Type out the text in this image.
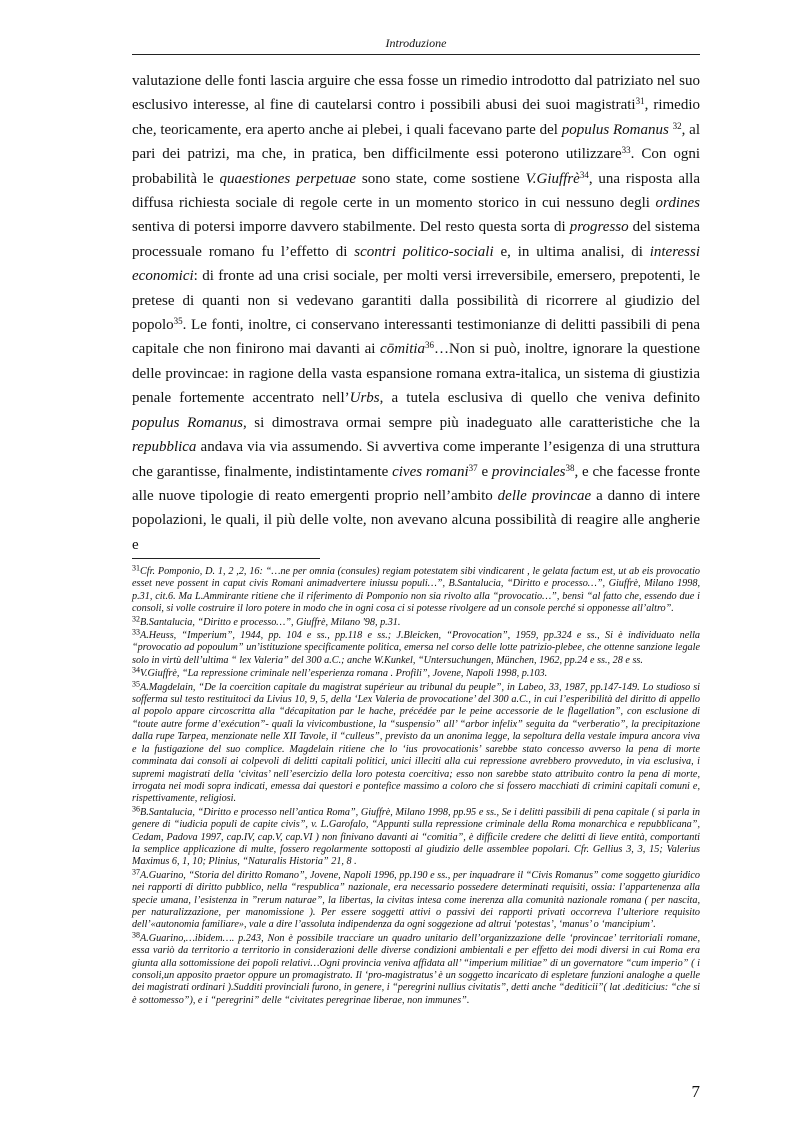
Introduzione

valutazione delle fonti lascia arguire che essa fosse un rimedio introdotto dal patriziato nel suo esclusivo interesse, al fine di cautelarsi contro i possibili abusi dei suoi magistrati$^{31}$, rimedio che, teoricamente, era aperto anche ai plebei, i quali facevano parte del populus Romanus $^{32}$, al pari dei patrizi, ma che, in pratica, ben difficilmente essi poterono utilizzare$^{33}$. Con ogni probabilità le quaestiones perpetuae sono state, come sostiene V.Giuffrè$^{34}$, una risposta alla diffusa richiesta sociale di regole certe in un momento storico in cui nessuno degli ordines sentiva di potersi imporre davvero stabilmente. Del resto questa sorta di progresso del sistema processuale romano fu l’effetto di scontri politico-sociali e, in ultima analisi, di interessi economici: di fronte ad una crisi sociale, per molti versi irreversibile, emersero, prepotenti, le pretese di quanti non si vedevano garantiti dalla possibilità di ricorrere al giudizio del popolo$^{35}$. Le fonti, inoltre, ci conservano interessanti testimonianze di delitti passibili di pena capitale che non finirono mai davanti ai cōmitia$^{36}$…Non si può, inoltre, ignorare la questione delle provincae: in ragione della vasta espansione romana extra-italica, un sistema di giustizia penale fortemente accentrato nell’Urbs, a tutela esclusiva di quello che veniva definito populus Romanus, si dimostrava ormai sempre più inadeguato alle caratteristiche che la repubblica andava via via assumendo. Si avvertiva come imperante l’esigenza di una struttura che garantisse, finalmente, indistintamente cives romani$^{37}$ e provinciales$^{38}$, e che facesse fronte alle nuove tipologie di reato emergenti proprio nell’ambito delle provincae a danno di intere popolazioni, le quali, il più delle volte, non avevano alcuna possibilità di reagire alle angherie e

$^{31}$Cfr. Pomponio, D. 1, 2 ,2, 16: “…ne per omnia (consules) regiam potestatem sibi vindicarent , le gelata factum est, ut ab eis provocatio esset neve possent in caput civis Romani animadvertere iniussu populi…”, B.Santalucia, “Diritto e processo…”, Giuffrè, Milano 1998, p.31, cit.6. Ma L.Ammirante ritiene che il riferimento di Pomponio non sia rivolto alla “provocatio…”, bensì “al fatto che, essendo due i consoli, si volle costruire il loro potere in modo che in ogni cosa ci si potesse rivolgere ad un console perché si opponesse all’altro”.

$^{32}$B.Santalucia, “Diritto e processo…”, Giuffrè, Milano '98, p.31.

$^{33}$A.Heuss, “Imperium”, 1944, pp. 104 e ss., pp.118 e ss.; J.Bleicken, “Provocation”, 1959, pp.324 e ss., Si è individuato nella “provocatio ad popoulum” un’istituzione specificamente politica, emersa nel corso delle lotte patrizio-plebee, che ottenne sanzione legale solo in virtù dell’ultima “ lex Valeria” del 300 a.C.; anche W.Kunkel, “Untersuchungen, München, 1962, pp.24 e ss., 28 e ss.

$^{34}$V.Giuffrè, “La repressione criminale nell’esperienza romana . Profili”, Jovene, Napoli 1998, p.103.

$^{35}$A.Magdelain, “De la coercition capitale du magistrat supérieur au tribunal du peuple”, in Labeo, 33, 1987, pp.147-149. Lo studioso si sofferma sul testo restituitoci da Livius 10, 9, 5, della ‘Lex Valeria de provocatione’ del 300 a.C., in cui l’esperibilità del diritto di appello al popolo appare circoscritta alla “décapitation par le hache, précédée par le peine accessorie de le flagellation”, con esclusione di “toute autre forme d’exécution”- quali la vivicombustione, la “suspensio” all’ “arbor infelix” seguita da “verberatio”, la precipitazione dalla rupe Tarpea, menzionate nelle XII Tavole, il “culleus”, previsto da un anonima legge, la sepoltura della vestale impura ancora viva e la fustigazione del suo complice. Magdelain ritiene che lo ‘ius provocationis’ sarebbe stato concesso avverso la pena di morte comminata dai consoli ai colpevoli di delitti capitali politici, unici illeciti alla cui repressione avrebbero provveduto, in via esclusiva, i supremi magistrati della ‘civitas’ nell’esercizio della loro potesta coercitiva; esso non sarebbe stato attribuito contro la pena di morte, irrogata nei modi sopra indicati, emessa dai questori e pontefice massimo a coloro che si fossero macchiati di crimini capitali comuni e, rispettivamente, religiosi.

$^{36}$B.Santalucia, “Diritto e processo nell’antica Roma”, Giuffrè, Milano 1998, pp.95 e ss., Se i delitti passibili di pena capitale ( si parla in genere di “iudicia populi de capite civis”, v. L.Garofalo, “Appunti sulla repressione criminale della Roma monarchica e repubblicana”, Cedam, Padova 1997, cap.IV, cap.V, cap.VI ) non finivano davanti ai “comitia”, è difficile credere che delitti di lieve entità, comportanti la semplice applicazione di multe, fossero regolarmente sottoposti al giudizio delle assemblee popolari. Cfr. Gellius 3, 3, 15; Valerius Maximus 6, 1, 10; Plinius, “Naturalis Historia” 21, 8 .

$^{37}$A.Guarino, “Storia del diritto Romano”, Jovene, Napoli 1996, pp.190 e ss., per inquadrare il “Civis Romanus” come soggetto giuridico nei rapporti di diritto pubblico, nella “respublica” nazionale, era necessario possedere determinati requisiti, ossia: l’appartenenza alla specie umana, l’esistenza in ”rerum naturae”, la libertas, la civitas intesa come inerenza alla comunità nazionale romana ( per nascita, per naturalizzazione, per manomissione ). Per essere soggetti attivi o passivi dei rapporti privati occorreva l’ulteriore requisito dell’«autonomia familiare», vale a dire l’assoluta indipendenza da ogni soggezione ad altrui ‘potestas’, ‘manus’ o ‘mancipium’.

$^{38}$A.Guarino,…ibidem…. p.243, Non è possibile tracciare un quadro unitario dell’organizzazione delle ‘provincae’ territoriali romane, essa variò da territorio a territorio in considerazioni delle diverse condizioni ambientali e per effetto dei modi diversi in cui Roma era giunta alla sottomissione dei popoli relativi…Ogni provincia veniva affidata all’ “imperium militiae” di un governatore “cum imperio” ( i consoli,un apposito praetor oppure un promagistrato. Il ‘pro-magistratus’ è un soggetto incaricato di espletare funzioni analoghe a quelle dei magistrati ordinari ).Sudditi provinciali furono, in genere, i “peregrini nullius civitatis”, detti anche “dediticii”( lat .dediticius: “che si è sottomesso”), e i “peregrini” delle “civitates peregrinae liberae, non immunes”.

7
